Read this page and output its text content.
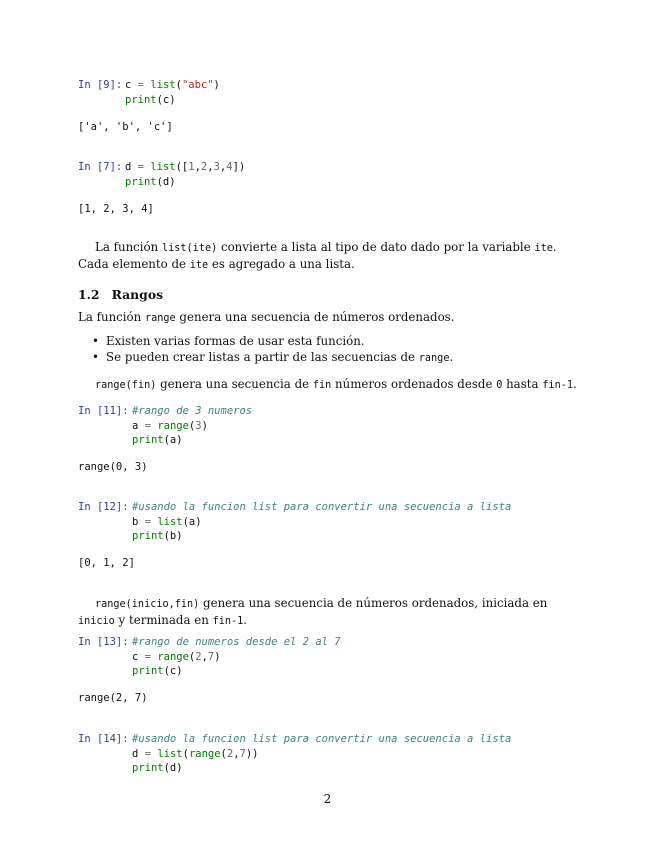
In [9]: c = list("abc")
print(c)
['a', 'b', 'c']
In [7]: d = list([1,2,3,4])
print(d)
[1, 2, 3, 4]
La función list(ite) convierte a lista al tipo de dato dado por la variable ite. Cada elemento de ite es agregado a una lista.
1.2 Rangos
La función range genera una secuencia de números ordenados.
• Existen varias formas de usar esta función.
• Se pueden crear listas a partir de las secuencias de range.
range(fin) genera una secuencia de fin números ordenados desde 0 hasta fin-1.
In [11]: #rango de 3 numeros
a = range(3)
print(a)
range(0, 3)
In [12]: #usando la funcion list para convertir una secuencia a lista
b = list(a)
print(b)
[0, 1, 2]
range(inicio,fin) genera una secuencia de números ordenados, iniciada en inicio y terminada en fin-1.
In [13]: #rango de numeros desde el 2 al 7
c = range(2,7)
print(c)
range(2, 7)
In [14]: #usando la funcion list para convertir una secuencia a lista
d = list(range(2,7))
print(d)
2
